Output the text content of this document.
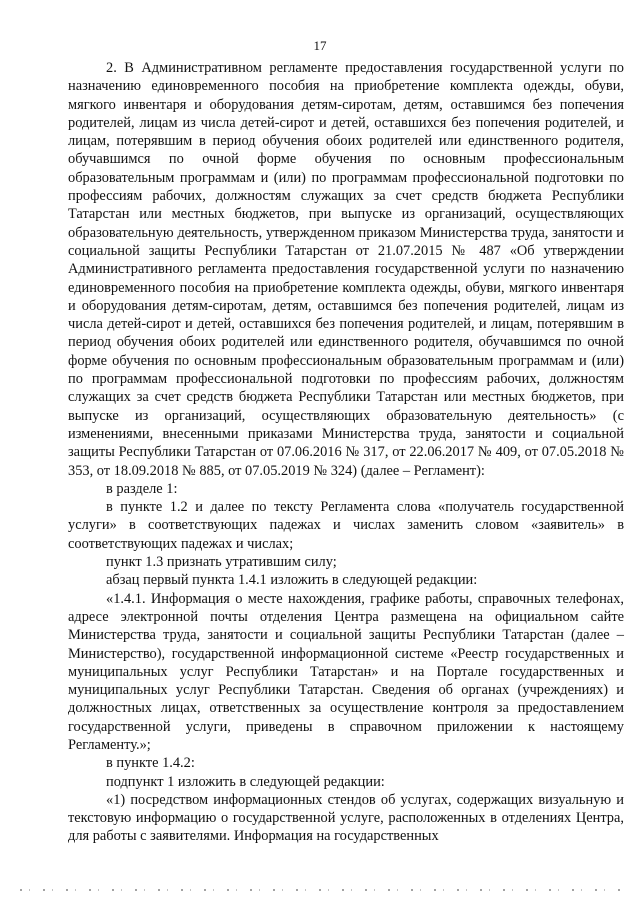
17

2. В Административном регламенте предоставления государственной услуги по назначению единовременного пособия на приобретение комплекта одежды, обуви, мягкого инвентаря и оборудования детям-сиротам, детям, оставшимся без попечения родителей, лицам из числа детей-сирот и детей, оставшихся без попечения родителей, и лицам, потерявшим в период обучения обоих родителей или единственного родителя, обучавшимся по очной форме обучения по основным профессиональным образовательным программам и (или) по программам профессиональной подготовки по профессиям рабочих, должностям служащих за счет средств бюджета Республики Татарстан или местных бюджетов, при выпуске из организаций, осуществляющих образовательную деятельность, утвержденном приказом Министерства труда, занятости и социальной защиты Республики Татарстан от 21.07.2015 № 487 «Об утверждении Административного регламента предоставления государственной услуги по назначению единовременного пособия на приобретение комплекта одежды, обуви, мягкого инвентаря и оборудования детям-сиротам, детям, оставшимся без попечения родителей, лицам из числа детей-сирот и детей, оставшихся без попечения родителей, и лицам, потерявшим в период обучения обоих родителей или единственного родителя, обучавшимся по очной форме обучения по основным профессиональным образовательным программам и (или) по программам профессиональной подготовки по профессиям рабочих, должностям служащих за счет средств бюджета Республики Татарстан или местных бюджетов, при выпуске из организаций, осуществляющих образовательную деятельность» (с изменениями, внесенными приказами Министерства труда, занятости и социальной защиты Республики Татарстан от 07.06.2016 № 317, от 22.06.2017 № 409, от 07.05.2018 № 353, от 18.09.2018 № 885, от 07.05.2019 № 324) (далее – Регламент):

в разделе 1:

в пункте 1.2 и далее по тексту Регламента слова «получатель государственной услуги» в соответствующих падежах и числах заменить словом «заявитель» в соответствующих падежах и числах;

пункт 1.3 признать утратившим силу;

абзац первый пункта 1.4.1 изложить в следующей редакции:

«1.4.1. Информация о месте нахождения, графике работы, справочных телефонах, адресе электронной почты отделения Центра размещена на официальном сайте Министерства труда, занятости и социальной защиты Республики Татарстан (далее – Министерство), государственной информационной системе «Реестр государственных и муниципальных услуг Республики Татарстан» и на Портале государственных и муниципальных услуг Республики Татарстан. Сведения об органах (учреждениях) и должностных лицах, ответственных за осуществление контроля за предоставлением государственной услуги, приведены в справочном приложении к настоящему Регламенту.»;

в пункте 1.4.2:

подпункт 1 изложить в следующей редакции:

«1) посредством информационных стендов об услугах, содержащих визуальную и текстовую информацию о государственной услуге, расположенных в отделениях Центра, для работы с заявителями. Информация на государственных
